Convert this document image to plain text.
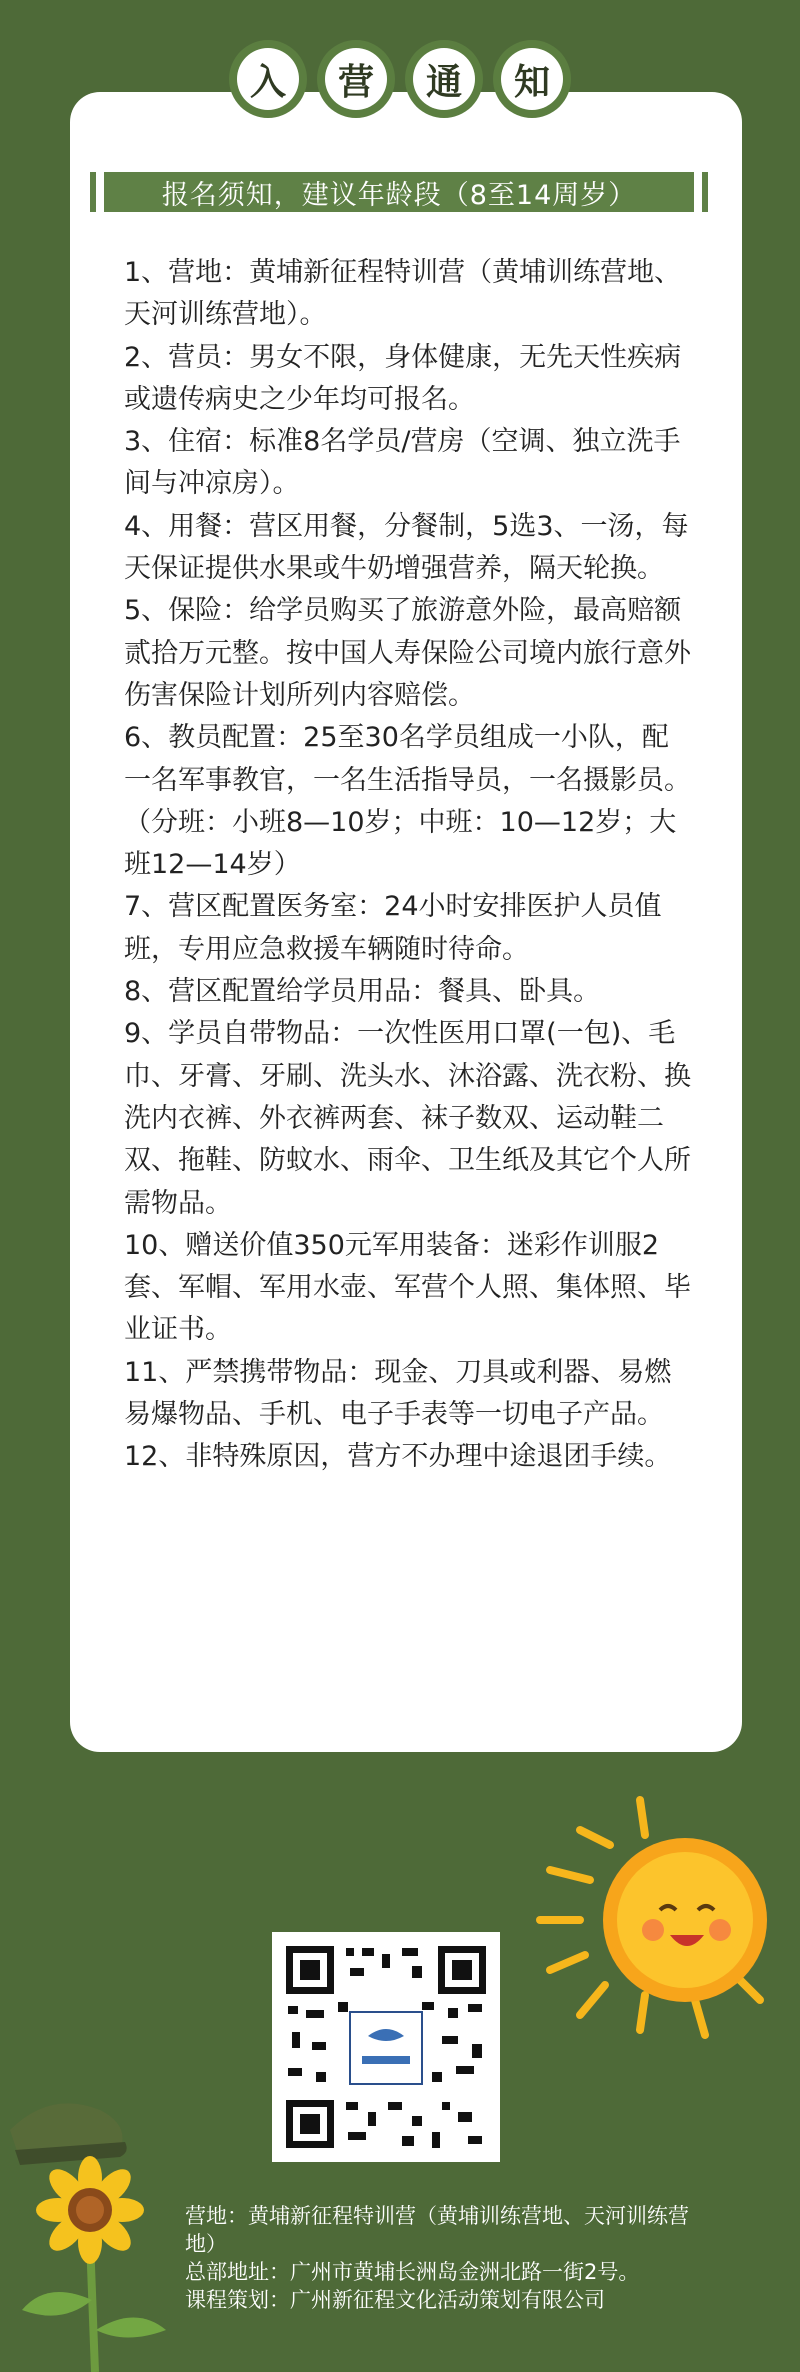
入	营	通	知
报名须知，建议年龄段（8至14周岁）

1、营地：黄埔新征程特训营（黄埔训练营地、天河训练营地）。

2、营员：男女不限，身体健康，无先天性疾病或遗传病史之少年均可报名。

3、住宿：标准8名学员/营房（空调、独立洗手间与冲凉房）。

4、用餐：营区用餐，分餐制，5选3、一汤，每天保证提供水果或牛奶增强营养，隔天轮换。

5、保险：给学员购买了旅游意外险，最高赔额贰拾万元整。按中国人寿保险公司境内旅行意外伤害保险计划所列内容赔偿。

6、教员配置：25至30名学员组成一小队，配一名军事教官，一名生活指导员，一名摄影员。（分班：小班8—10岁；中班：10—12岁；大班12—14岁）

7、营区配置医务室：24小时安排医护人员值班，专用应急救援车辆随时待命。

8、营区配置给学员用品：餐具、卧具。

9、学员自带物品：一次性医用口罩(一包)、毛巾、牙膏、牙刷、洗头水、沐浴露、洗衣粉、换洗内衣裤、外衣裤两套、袜子数双、运动鞋二双、拖鞋、防蚊水、雨伞、卫生纸及其它个人所需物品。

10、赠送价值350元军用装备：迷彩作训服2套、军帽、军用水壶、军营个人照、集体照、毕业证书。

11、严禁携带物品：现金、刀具或利器、易燃易爆物品、手机、电子手表等一切电子产品。

12、非特殊原因，营方不办理中途退团手续。

营地：黄埔新征程特训营（黄埔训练营地、天河训练营地）

总部地址：广州市黄埔长洲岛金洲北路一街2号。

课程策划：广州新征程文化活动策划有限公司
